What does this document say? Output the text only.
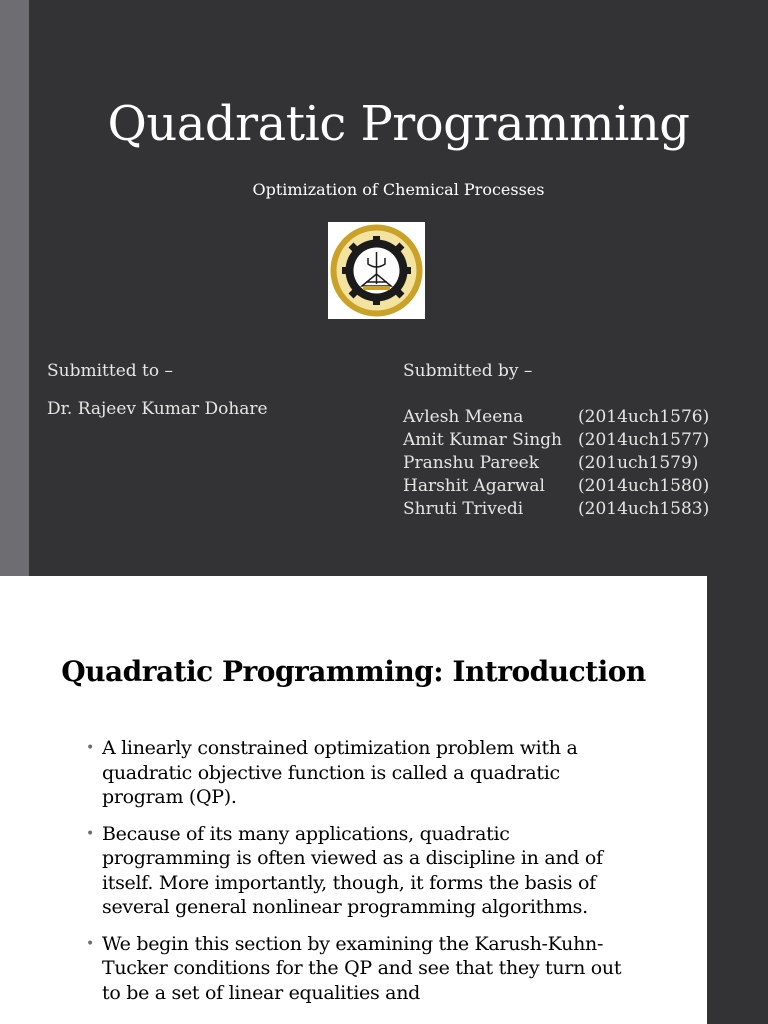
Quadratic Programming
Optimization of Chemical Processes
Submitted to –
Dr. Rajeev Kumar Dohare
Submitted by –
Avlesh Meena	(2014uch1576)
Amit Kumar Singh (2014uch1577)
Pranshu Pareek (201uch1579)
Harshit Agarwal (2014uch1580)
Shruti Trivedi	(2014uch1583)
Quadratic Programming: Introduction
• A linearly constrained optimization problem with a quadratic objective function is called a quadratic program (QP).
• Because of its many applications, quadratic programming is often viewed as a discipline in and of itself. More importantly, though, it forms the basis of several general nonlinear programming algorithms.
• We begin this section by examining the Karush-Kuhn-Tucker conditions for the QP and see that they turn out to be a set of linear equalities and
